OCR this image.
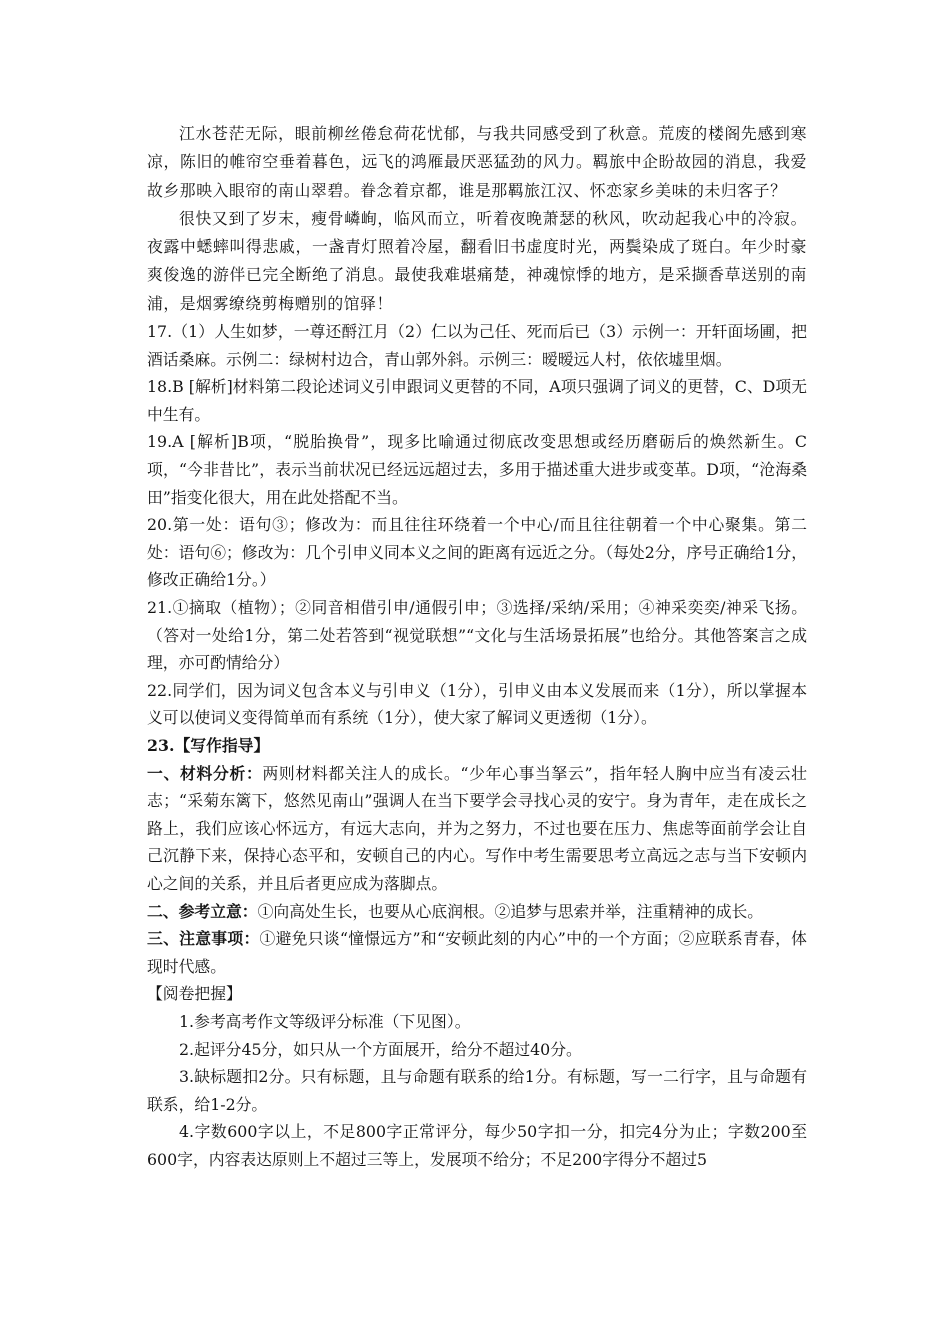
江水苍茫无际，眼前柳丝倦怠荷花忧郁，与我共同感受到了秋意。荒废的楼阁先感到寒凉，陈旧的帷帘空垂着暮色，远飞的鸿雁最厌恶猛劲的风力。羁旅中企盼故园的消息，我爱故乡那映入眼帘的南山翠碧。眷念着京都，谁是那羁旅江汉、怀恋家乡美味的未归客子？

很快又到了岁末，瘦骨嶙峋，临风而立，听着夜晚萧瑟的秋风，吹动起我心中的冷寂。夜露中蟋蟀叫得悲戚，一盏青灯照着冷屋，翻看旧书虚度时光，两鬓染成了斑白。年少时豪爽俊逸的游伴已完全断绝了消息。最使我难堪痛楚，神魂惊悸的地方，是采撷香草送别的南浦，是烟雾缭绕剪梅赠别的馆驿！

17.（1）人生如梦，一尊还酹江月（2）仁以为己任、死而后已（3）示例一：开轩面场圃，把酒话桑麻。示例二：绿树村边合，青山郭外斜。示例三：暧暧远人村，依依墟里烟。

18.B [解析]材料第二段论述词义引申跟词义更替的不同，A项只强调了词义的更替，C、D项无中生有。

19.A [解析]B项，“脱胎换骨”，现多比喻通过彻底改变思想或经历磨砺后的焕然新生。C项，“今非昔比”，表示当前状况已经远远超过去，多用于描述重大进步或变革。D项，“沧海桑田”指变化很大，用在此处搭配不当。

20.第一处：语句③；修改为：而且往往环绕着一个中心/而且往往朝着一个中心聚集。第二处：语句⑥；修改为：几个引申义同本义之间的距离有远近之分。（每处2分，序号正确给1分，修改正确给1分。）

21.①摘取（植物）；②同音相借引申/通假引申；③选择/采纳/采用；④神采奕奕/神采飞扬。（答对一处给1分，第二处若答到“视觉联想”“文化与生活场景拓展”也给分。其他答案言之成理，亦可酌情给分）

22.同学们，因为词义包含本义与引申义（1分），引申义由本义发展而来（1分），所以掌握本义可以使词义变得简单而有系统（1分），使大家了解词义更透彻（1分）。

23.【写作指导】

一、材料分析：两则材料都关注人的成长。“少年心事当拏云”，指年轻人胸中应当有凌云壮志；“采菊东篱下，悠然见南山”强调人在当下要学会寻找心灵的安宁。身为青年，走在成长之路上，我们应该心怀远方，有远大志向，并为之努力，不过也要在压力、焦虑等面前学会让自己沉静下来，保持心态平和，安顿自己的内心。写作中考生需要思考立高远之志与当下安顿内心之间的关系，并且后者更应成为落脚点。

二、参考立意：①向高处生长，也要从心底润根。②追梦与思索并举，注重精神的成长。

三、注意事项：①避免只谈“憧憬远方”和“安顿此刻的内心”中的一个方面；②应联系青春，体现时代感。

【阅卷把握】

1.参考高考作文等级评分标准（下见图）。

2.起评分45分，如只从一个方面展开，给分不超过40分。

3.缺标题扣2分。只有标题，且与命题有联系的给1分。有标题，写一二行字，且与命题有联系，给1-2分。

4.字数600字以上，不足800字正常评分，每少50字扣一分，扣完4分为止；字数200至600字，内容表达原则上不超过三等上，发展项不给分；不足200字得分不超过5
